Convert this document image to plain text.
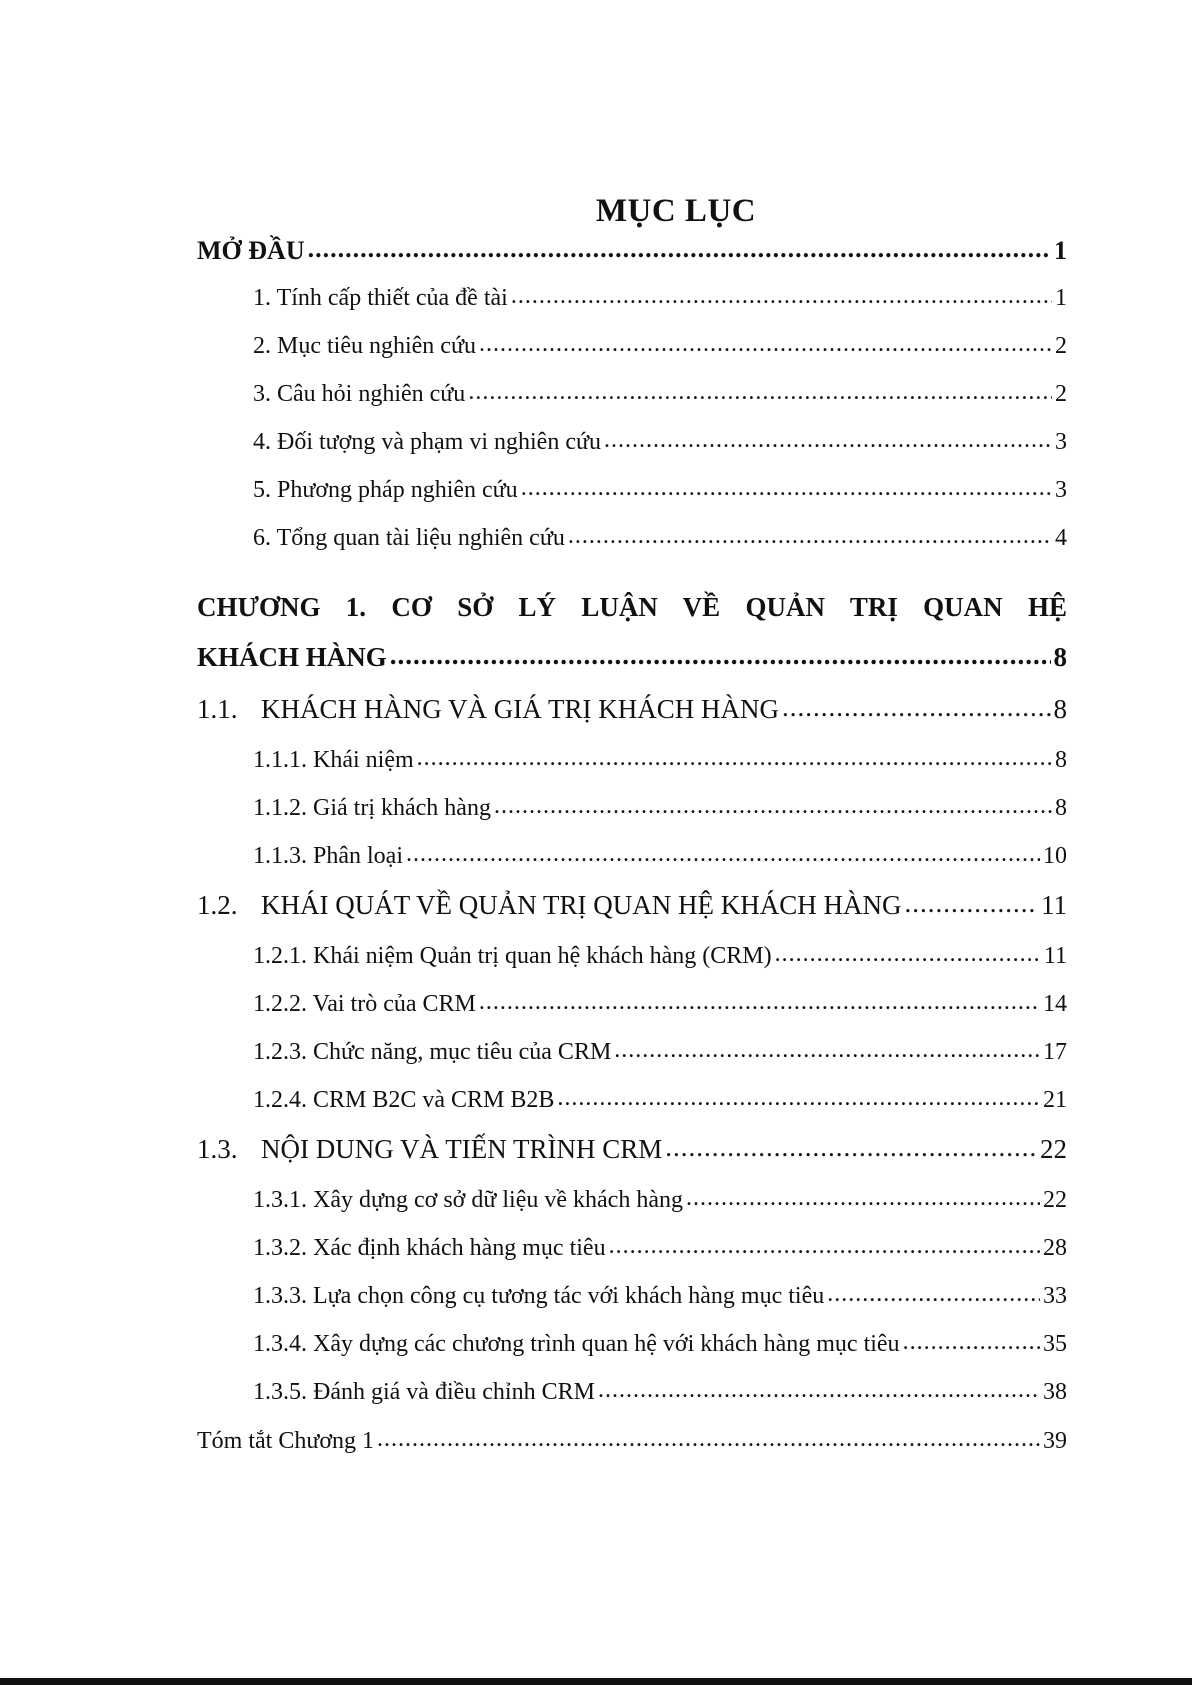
MỤC LỤC
MỞ ĐẦU .....	1
1. Tính cấp thiết của đề tài .....	1
2. Mục tiêu nghiên cứu .....	2
3. Câu hỏi nghiên cứu .....	2
4. Đối tượng và phạm vi nghiên cứu .....	3
5. Phương pháp nghiên cứu .....	3
6. Tổng quan tài liệu nghiên cứu .....	4
CHƯƠNG 1. CƠ SỞ LÝ LUẬN VỀ QUẢN TRỊ QUAN HỆ
KHÁCH HÀNG .....	8
1.1. KHÁCH HÀNG VÀ GIÁ TRỊ KHÁCH HÀNG .....	8
1.1.1. Khái niệm .....	8
1.1.2. Giá trị khách hàng .....	8
1.1.3. Phân loại .....	10
1.2. KHÁI QUÁT VỀ QUẢN TRỊ QUAN HỆ KHÁCH HÀNG .....	11
1.2.1. Khái niệm Quản trị quan hệ khách hàng (CRM) .....	11
1.2.2. Vai trò của CRM .....	14
1.2.3. Chức năng, mục tiêu của CRM .....	17
1.2.4. CRM B2C và CRM B2B .....	21
1.3. NỘI DUNG VÀ TIẾN TRÌNH CRM .....	22
1.3.1. Xây dựng cơ sở dữ liệu về khách hàng .....	22
1.3.2. Xác định khách hàng mục tiêu .....	28
1.3.3. Lựa chọn công cụ tương tác với khách hàng mục tiêu .....	33
1.3.4. Xây dựng các chương trình quan hệ với khách hàng mục tiêu .....	35
1.3.5. Đánh giá và điều chỉnh CRM .....	38
Tóm tắt Chương 1 .....	39
